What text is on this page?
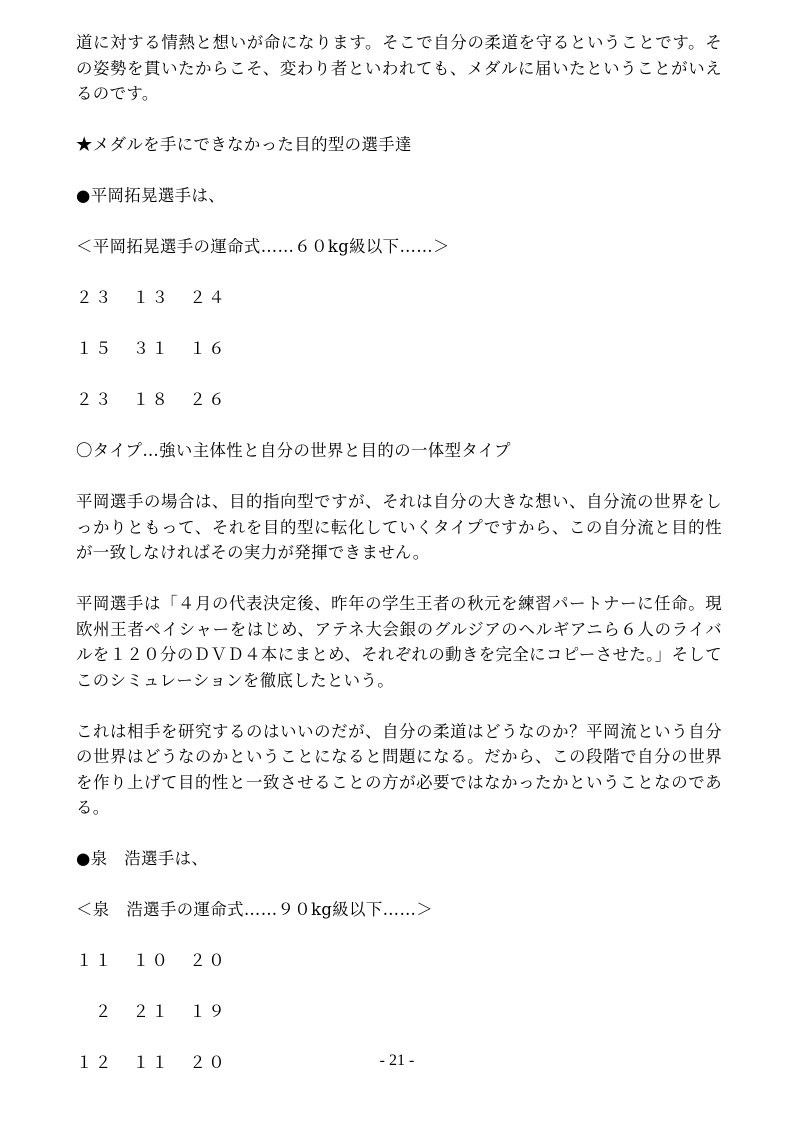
道に対する情熱と想いが命になります。そこで自分の柔道を守るということです。その姿勢を貫いたからこそ、変わり者といわれても、メダルに届いたということがいえるのです。

★メダルを手にできなかった目的型の選手達

●平岡拓晃選手は、

＜平岡拓晃選手の運命式……６０kg級以下……＞

２３　１３　２４

１５　３１　１６

２３　１８　２６

〇タイプ…強い主体性と自分の世界と目的の一体型タイプ

平岡選手の場合は、目的指向型ですが、それは自分の大きな想い、自分流の世界をしっかりともって、それを目的型に転化していくタイプですから、この自分流と目的性が一致しなければその実力が発揮できません。

平岡選手は「４月の代表決定後、昨年の学生王者の秋元を練習パートナーに任命。現欧州王者ペイシャーをはじめ、アテネ大会銀のグルジアのヘルギアニら６人のライバルを１２０分のＤＶＤ４本にまとめ、それぞれの動きを完全にコピーさせた。」そしてこのシミュレーションを徹底したという。

これは相手を研究するのはいいのだが、自分の柔道はどうなのか？平岡流という自分の世界はどうなのかということになると問題になる。だから、この段階で自分の世界を作り上げて目的性と一致させることの方が必要ではなかったかということなのである。

●泉　浩選手は、

＜泉　浩選手の運命式……９０kg級以下……＞

１１　１０　２０

　２　２１　１９

１２　１１　２０	- 21 -
